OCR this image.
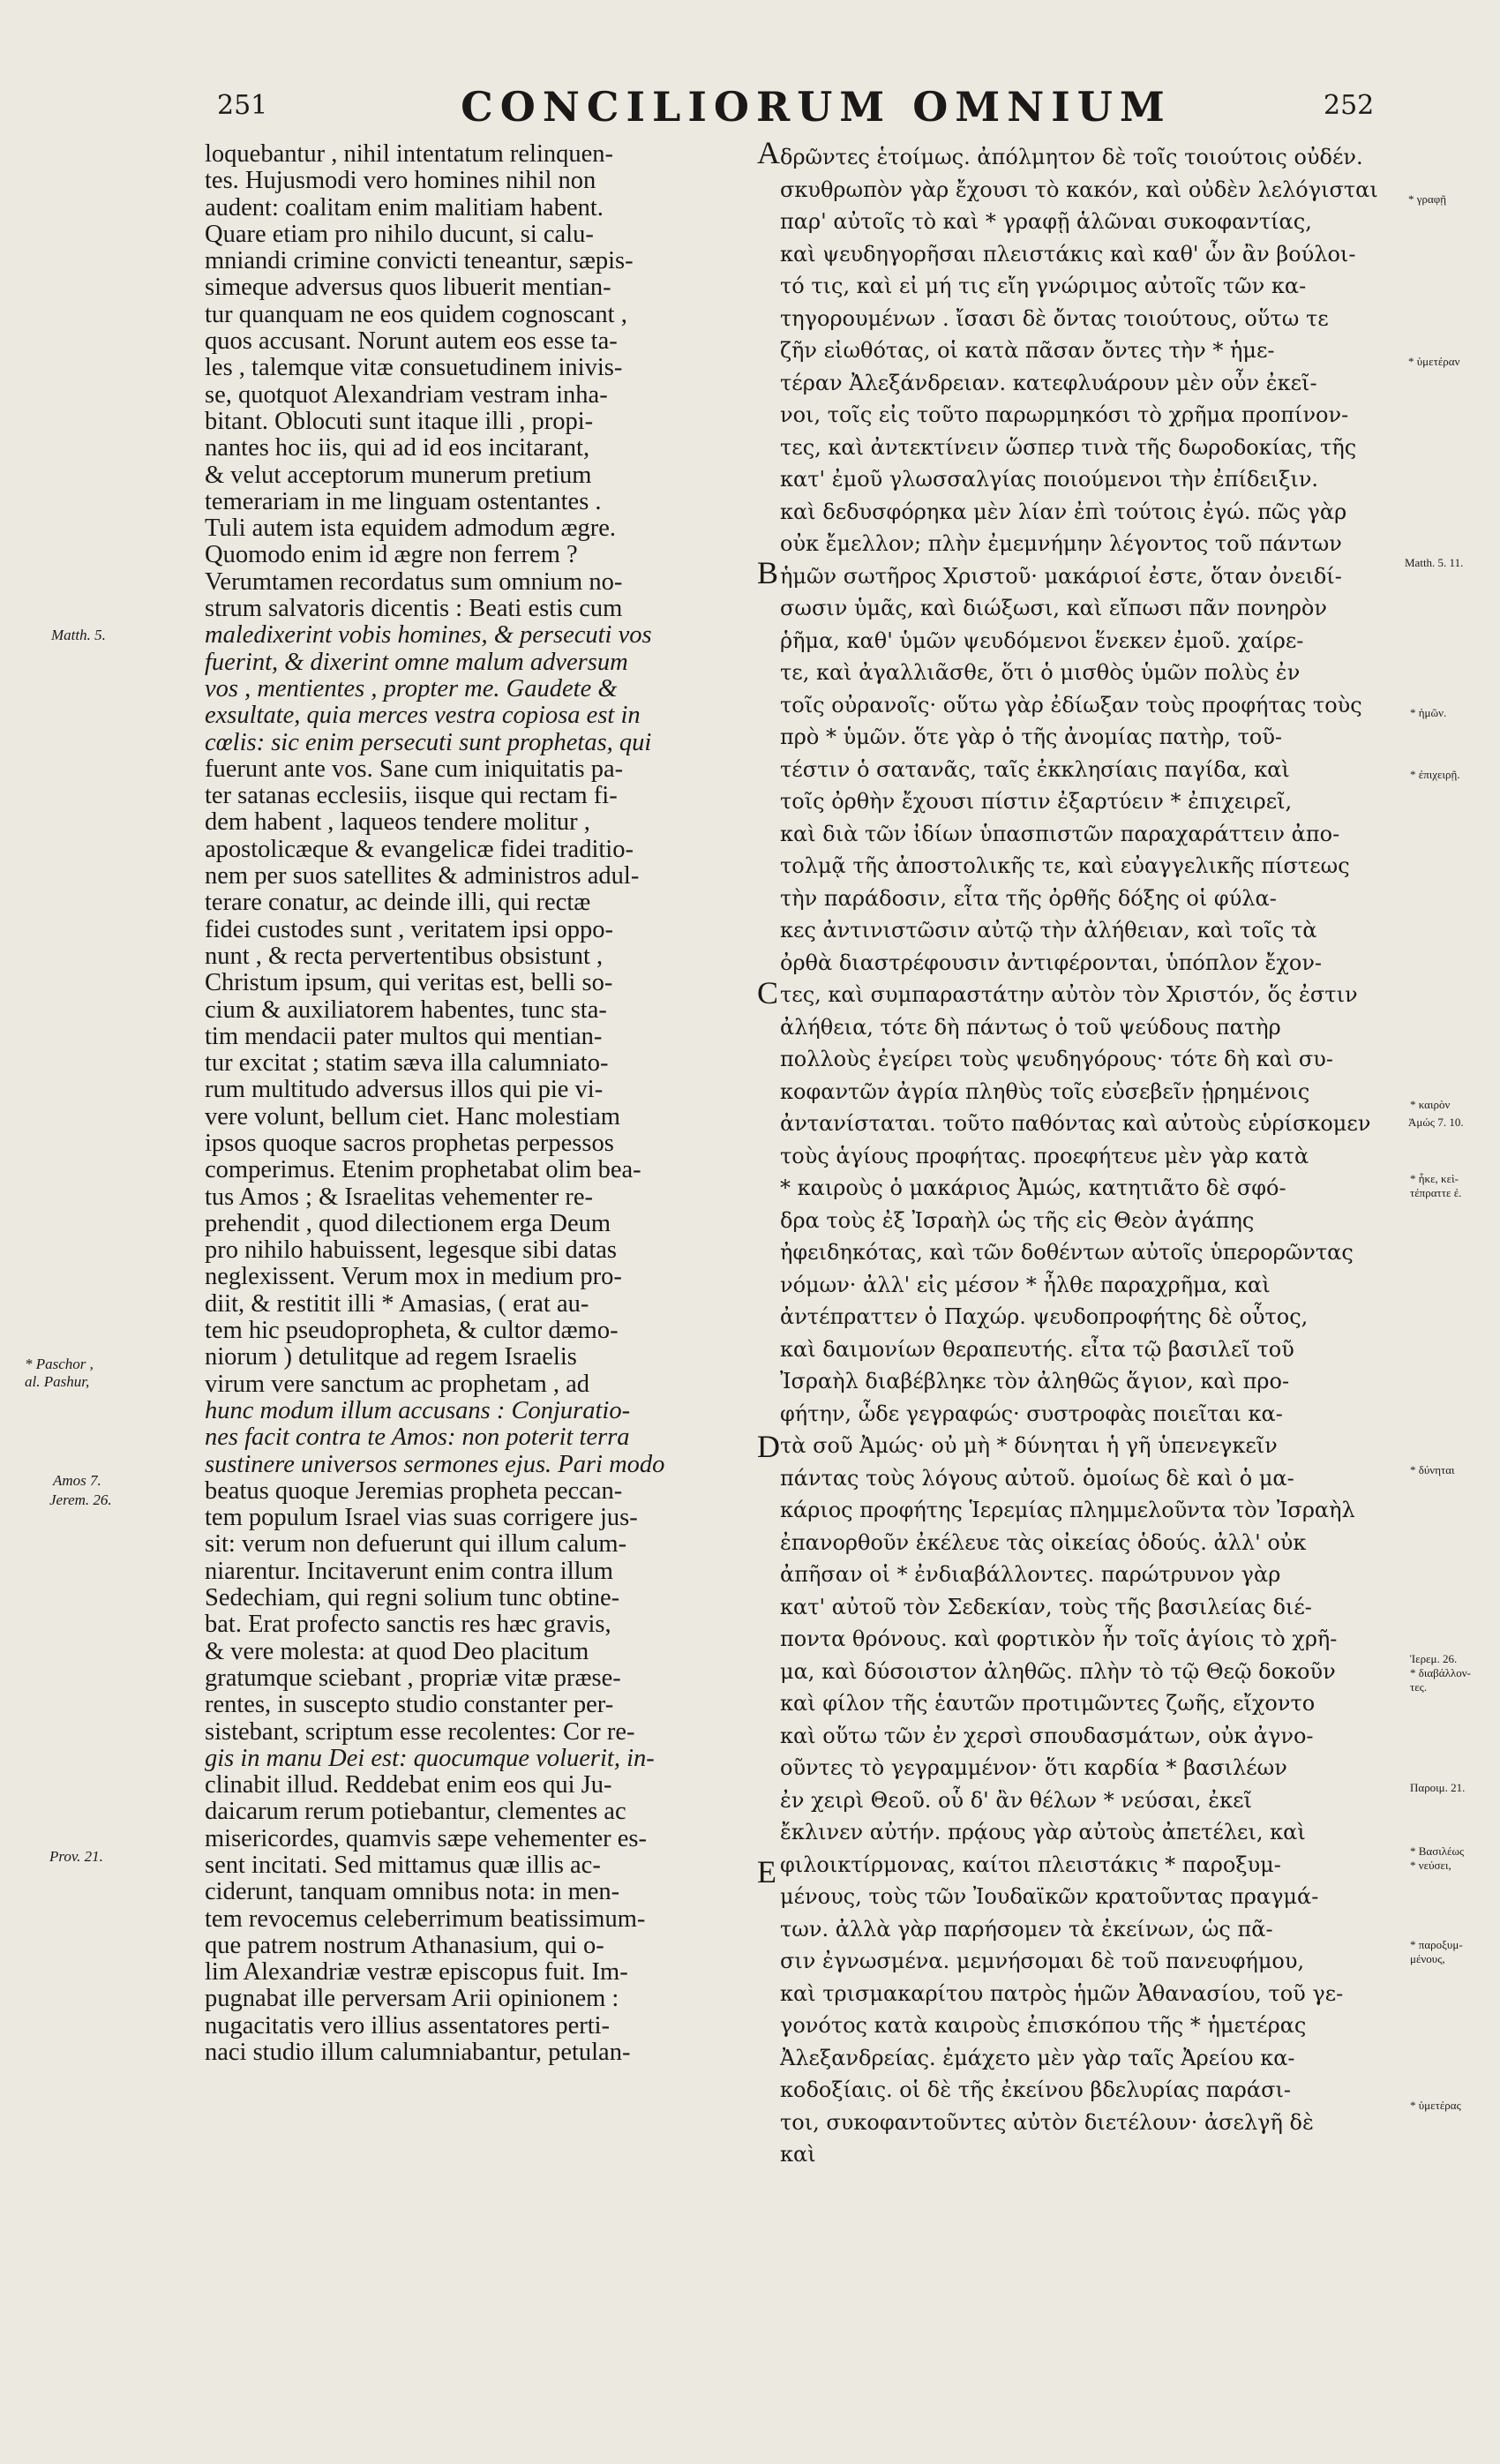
251	CONCILIORUM OMNIUM	252
loquebantur , nihil intentatum relinquen-
tes. Hujusmodi vero homines nihil non
audent: coalitam enim malitiam habent.
Quare etiam pro nihilo ducunt, si calu-
mniandi crimine convicti teneantur, sæpis-
simeque adversus quos libuerit mentian-
tur quanquam ne eos quidem cognoscant ,
quos accusant. Norunt autem eos esse ta-
les , talemque vitæ consuetudinem inivis-
se, quotquot Alexandriam vestram inha-
bitant. Oblocuti sunt itaque illi , propi-
nantes hoc iis, qui ad id eos incitarant,
& velut acceptorum munerum pretium
temerariam in me linguam ostentantes .
Tuli autem ista equidem admodum ægre.
Quomodo enim id ægre non ferrem ?
Verumtamen recordatus sum omnium no-
strum salvatoris dicentis : Beati estis cum
maledixerint vobis homines, & persecuti vos
fuerint, & dixerint omne malum adversum
vos , mentientes , propter me. Gaudete &
exsultate, quia merces vestra copiosa est in
cœlis: sic enim persecuti sunt prophetas, qui
fuerunt ante vos. Sane cum iniquitatis pa-
ter satanas ecclesiis, iisque qui rectam fi-
dem habent , laqueos tendere molitur ,
apostolicæque & evangelicæ fidei traditio-
nem per suos satellites & administros adul-
terare conatur, ac deinde illi, qui rectæ
fidei custodes sunt , veritatem ipsi oppo-
nunt , & recta pervertentibus obsistunt ,
Christum ipsum, qui veritas est, belli so-
cium & auxiliatorem habentes, tunc sta-
tim mendacii pater multos qui mentian-
tur excitat ; statim sæva illa calumniato-
rum multitudo adversus illos qui pie vi-
vere volunt, bellum ciet. Hanc molestiam
ipsos quoque sacros prophetas perpessos
comperimus. Etenim prophetabat olim bea-
tus Amos ; & Israelitas vehementer re-
prehendit , quod dilectionem erga Deum
pro nihilo habuissent, legesque sibi datas
neglexissent. Verum mox in medium pro-
diit, & restitit illi * Amasias, ( erat au-
tem hic pseudopropheta, & cultor dæmo-
niorum ) detulitque ad regem Israelis
virum vere sanctum ac prophetam , ad
hunc modum illum accusans : Conjuratio-
nes facit contra te Amos: non poterit terra
sustinere universos sermones ejus. Pari modo
beatus quoque Jeremias propheta peccan-
tem populum Israel vias suas corrigere jus-
sit: verum non defuerunt qui illum calum-
niarentur. Incitaverunt enim contra illum
Sedechiam, qui regni solium tunc obtine-
bat. Erat profecto sanctis res hæc gravis,
& vere molesta: at quod Deo placitum
gratumque sciebant , propriæ vitæ præse-
rentes, in suscepto studio constanter per-
sistebant, scriptum esse recolentes: Cor re-
gis in manu Dei est: quocumque voluerit, in-
clinabit illud. Reddebat enim eos qui Ju-
daicarum rerum potiebantur, clementes ac
misericordes, quamvis sæpe vehementer es-
sent incitati. Sed mittamus quæ illis ac-
ciderunt, tanquam omnibus nota: in men-
tem revocemus celeberrimum beatissimum-
que patrem nostrum Athanasium, qui o-
lim Alexandriæ vestræ episcopus fuit. Im-
pugnabat ille perversam Arii opinionem :
nugacitatis vero illius assentatores perti-
naci studio illum calumniabantur, petulan-
δρῶντες ἑτοίμως. ἀπόλμητον δὲ τοῖς τοιούτοις οὐδέν.
σκυθρωπὸν γὰρ ἔχουσι τὸ κακόν, καὶ οὐδὲν λελόγισται
παρ' αὐτοῖς τὸ καὶ * γραφῇ ἁλῶναι συκοφαντίας,
καὶ ψευδηγορῆσαι πλειστάκις καὶ καθ' ὧν ἂν βούλοι-
τό τις, καὶ εἰ μή τις εἴη γνώριμος αὐτοῖς τῶν κα-
τηγορουμένων . ἴσασι δὲ ὄντας τοιούτους, οὕτω τε
ζῆν εἰωθότας, οἱ κατὰ πᾶσαν ὄντες τὴν * ἡμε-
τέραν Ἀλεξάνδρειαν. κατεφλυάρουν μὲν οὖν ἐκεῖ-
νοι, τοῖς εἰς τοῦτο παρωρμηκόσι τὸ χρῆμα προπίνον-
τες, καὶ ἀντεκτίνειν ὥσπερ τινὰ τῆς δωροδοκίας, τῆς
κατ' ἐμοῦ γλωσσαλγίας ποιούμενοι τὴν ἐπίδειξιν.
καὶ δεδυσφόρηκα μὲν λίαν ἐπὶ τούτοις ἐγώ. πῶς γὰρ
οὐκ ἔμελλον; πλὴν ἐμεμνήμην λέγοντος τοῦ πάντων
ἡμῶν σωτῆρος Χριστοῦ· μακάριοί ἐστε, ὅταν ὀνειδί-
σωσιν ὑμᾶς, καὶ διώξωσι, καὶ εἴπωσι πᾶν πονηρὸν
ῥῆμα, καθ' ὑμῶν ψευδόμενοι ἕνεκεν ἐμοῦ. χαίρε-
τε, καὶ ἀγαλλιᾶσθε, ὅτι ὁ μισθὸς ὑμῶν πολὺς ἐν
τοῖς οὐρανοῖς· οὕτω γὰρ ἐδίωξαν τοὺς προφήτας τοὺς
πρὸ * ὑμῶν. ὅτε γὰρ ὁ τῆς ἀνομίας πατὴρ, τοῦ-
τέστιν ὁ σατανᾶς, ταῖς ἐκκλησίαις παγίδα, καὶ
τοῖς ὀρθὴν ἔχουσι πίστιν ἐξαρτύειν * ἐπιχειρεῖ,
καὶ διὰ τῶν ἰδίων ὑπασπιστῶν παραχαράττειν ἀπο-
τολμᾷ τῆς ἀποστολικῆς τε, καὶ εὐαγγελικῆς πίστεως
τὴν παράδοσιν, εἶτα τῆς ὀρθῆς δόξης οἱ φύλα-
κες ἀντινιστῶσιν αὐτῷ τὴν ἀλήθειαν, καὶ τοῖς τὰ
ὀρθὰ διαστρέφουσιν ἀντιφέρονται, ὑπόπλον ἔχον-
τες, καὶ συμπαραστάτην αὐτὸν τὸν Χριστόν, ὅς ἐστιν
ἀλήθεια, τότε δὴ πάντως ὁ τοῦ ψεύδους πατὴρ
πολλοὺς ἐγείρει τοὺς ψευδηγόρους· τότε δὴ καὶ συ-
κοφαντῶν ἀγρία πληθὺς τοῖς εὐσεβεῖν ᾑρημένοις
ἀντανίσταται. τοῦτο παθόντας καὶ αὐτοὺς εὑρίσκομεν
τοὺς ἁγίους προφήτας. προεφήτευε μὲν γὰρ κατὰ
* καιροὺς ὁ μακάριος Ἀμώς, κατητιᾶτο δὲ σφό-
δρα τοὺς ἐξ Ἰσραὴλ ὡς τῆς εἰς Θεὸν ἀγάπης
ἠφειδηκότας, καὶ τῶν δοθέντων αὐτοῖς ὑπερορῶντας
νόμων· ἀλλ' εἰς μέσον * ἦλθε παραχρῆμα, καὶ
ἀντέπραττεν ὁ Παχώρ. ψευδοπροφήτης δὲ οὗτος,
καὶ δαιμονίων θεραπευτής. εἶτα τῷ βασιλεῖ τοῦ
Ἰσραὴλ διαβέβληκε τὸν ἀληθῶς ἅγιον, καὶ προ-
φήτην, ὧδε γεγραφώς· συστροφὰς ποιεῖται κα-
τὰ σοῦ Ἀμώς· οὐ μὴ * δύνηται ἡ γῆ ὑπενεγκεῖν
πάντας τοὺς λόγους αὐτοῦ. ὁμοίως δὲ καὶ ὁ μα-
κάριος προφήτης Ἱερεμίας πλημμελοῦντα τὸν Ἰσραὴλ
ἐπανορθοῦν ἐκέλευε τὰς οἰκείας ὁδούς. ἀλλ' οὐκ
ἀπῆσαν οἱ * ἐνδιαβάλλοντες. παρώτρυνον γὰρ
κατ' αὐτοῦ τὸν Σεδεκίαν, τοὺς τῆς βασιλείας διέ-
ποντα θρόνους. καὶ φορτικὸν ἦν τοῖς ἁγίοις τὸ χρῆ-
μα, καὶ δύσοιστον ἀληθῶς. πλὴν τὸ τῷ Θεῷ δοκοῦν
καὶ φίλον τῆς ἑαυτῶν προτιμῶντες ζωῆς, εἴχοντο
καὶ οὕτω τῶν ἐν χερσὶ σπουδασμάτων, οὐκ ἀγνο-
οῦντες τὸ γεγραμμένον· ὅτι καρδία * βασιλέων
ἐν χειρὶ Θεοῦ. οὗ δ' ἂν θέλων * νεύσαι, ἐκεῖ
ἔκλινεν αὐτήν. πρᾴους γὰρ αὐτοὺς ἀπετέλει, καὶ
φιλοικτίρμονας, καίτοι πλειστάκις * παροξυμ-
μένους, τοὺς τῶν Ἰουδαϊκῶν κρατοῦντας πραγμά-
των. ἀλλὰ γὰρ παρήσομεν τὰ ἐκείνων, ὡς πᾶ-
σιν ἐγνωσμένα. μεμνήσομαι δὲ τοῦ πανευφήμου,
καὶ τρισμακαρίτου πατρὸς ἡμῶν Ἀθανασίου, τοῦ γε-
γονότος κατὰ καιροὺς ἐπισκόπου τῆς * ἡμετέρας
Ἀλεξανδρείας. ἐμάχετο μὲν γὰρ ταῖς Ἀρείου κα-
κοδοξίαις. οἱ δὲ τῆς ἐκείνου βδελυρίας παράσι-
τοι, συκοφαντοῦντες αὐτὸν διετέλουν· ἀσελγῆ δὲ
καὶ
A
B
C
D
E
Matth. 5.
* Paschor ,
al. Pashur,
Amos 7.
Jerem. 26.
Prov. 21.
* γραφῇ
* ὑμετέραν
Matth. 5. 11.
* ἡμῶν.
* ἐπιχειρῇ.
* καιρὸν
Ἀμώς 7. 10.
* ἧκε, κεὶ-
τέπραττε ἐ.
* δύνηται
Ἱερεμ. 26.
* διαβάλλον-
τες.
Παροιμ. 21.
* Βασιλέως
* νεύσει,
* παροξυμ-
μένους,
* ὑμετέρας
